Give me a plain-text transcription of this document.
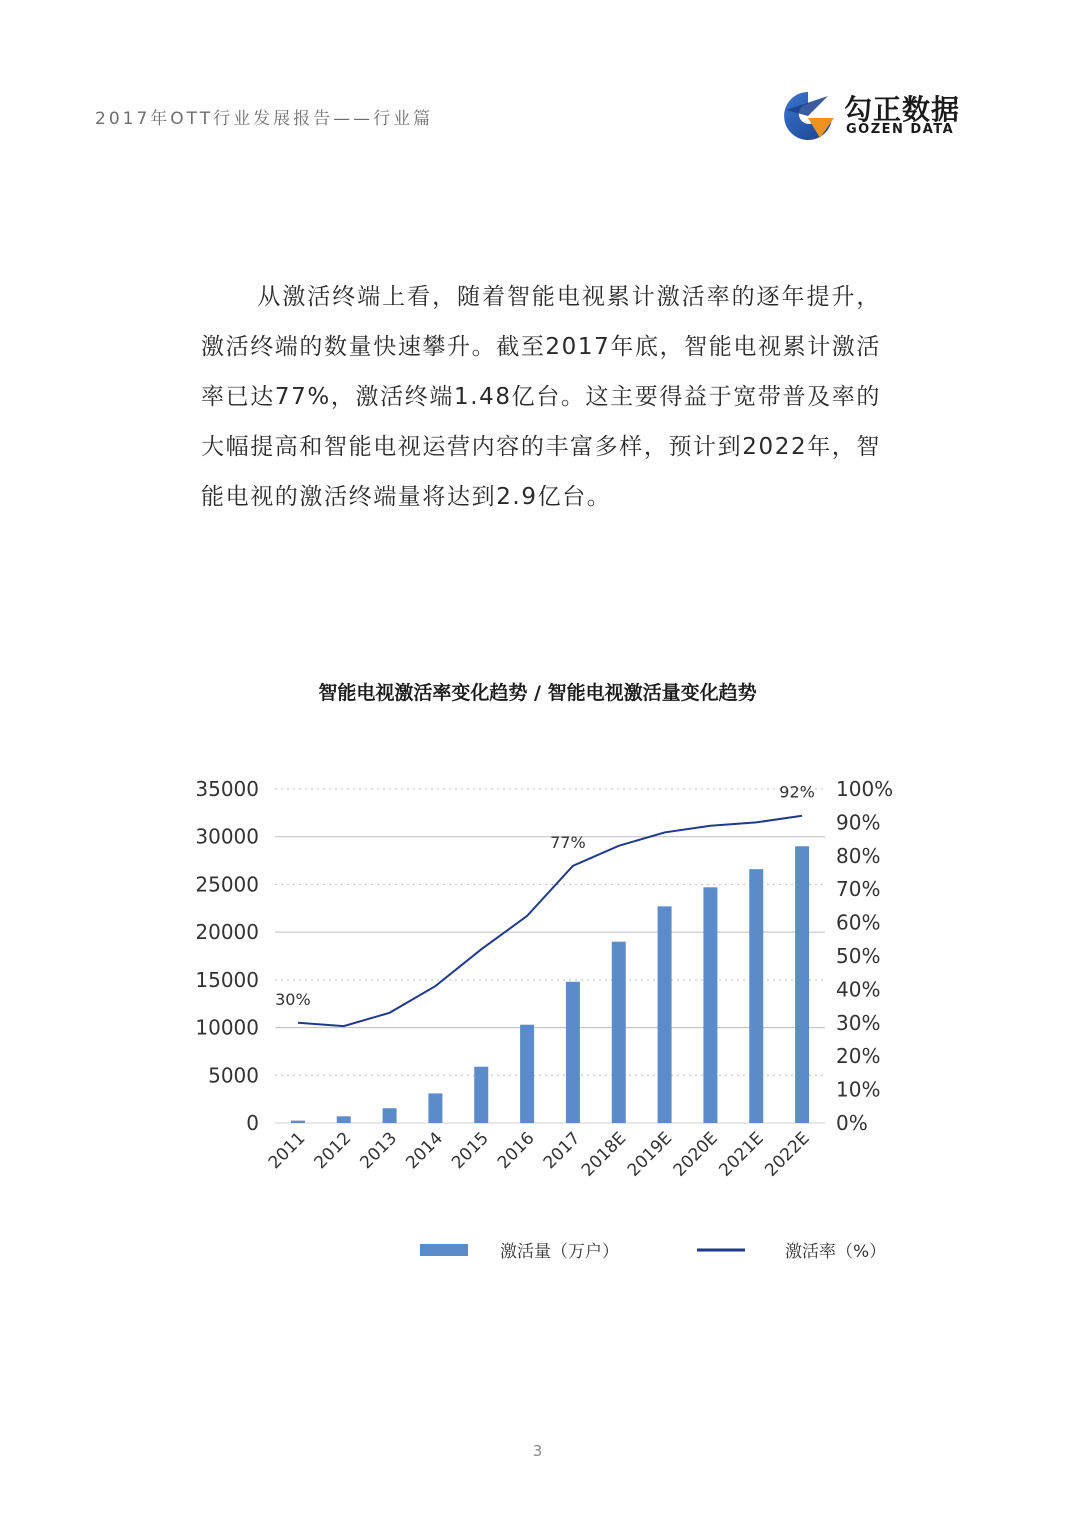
2017年OTT行业发展报告——行业篇	勾正数据
GOZEN DATA
从激活终端上看，随着智能电视累计激活率的逐年提升，激活终端的数量快速攀升。截至2017年底，智能电视累计激活率已达77%，激活终端1.48亿台。这主要得益于宽带普及率的大幅提高和智能电视运营内容的丰富多样，预计到2022年，智能电视的激活终端量将达到2.9亿台。
智能电视激活率变化趋势 / 智能电视激活量变化趋势
0
5000
10000
15000
20000
25000
30000
35000
0%
10%
20%
30%
40%
50%
60%
70%
80%
90%
100%
30%
77%
92%
2011 2012 2013 2014 2015 2016 2017
2018E
2019E
2020E
2021E
2022E
激活量（万户）	激活率（%）
3
